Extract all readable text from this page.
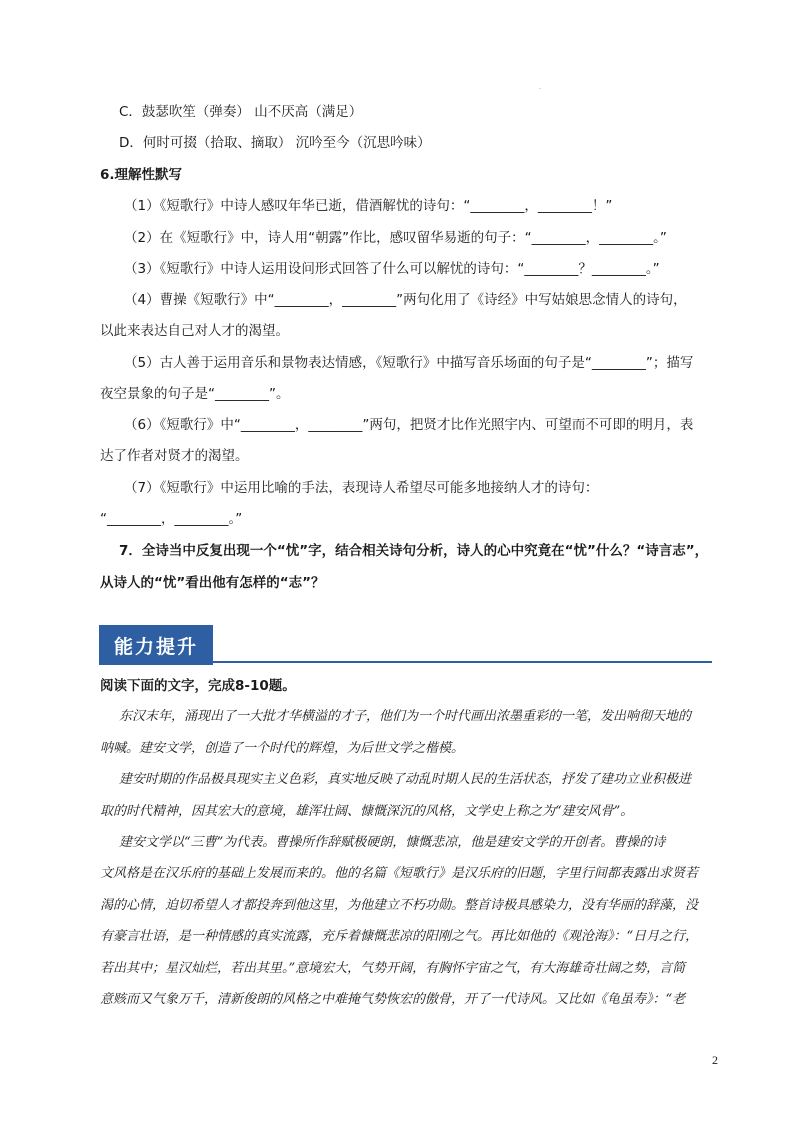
·
C．鼓瑟吹笙（弹奏） 山不厌高（满足）
D．何时可掇（拾取、摘取） 沉吟至今（沉思吟味）
6.理解性默写
（1）《短歌行》中诗人感叹年华已逝，借酒解忧的诗句：“________，________！”
（2）在《短歌行》中，诗人用“朝露”作比，感叹留华易逝的句子：“________，________。”
（3）《短歌行》中诗人运用设问形式回答了什么可以解忧的诗句：“________？________。”
（4）曹操《短歌行》中“________，________”两句化用了《诗经》中写姑娘思念情人的诗句，
以此来表达自己对人才的渴望。
（5）古人善于运用音乐和景物表达情感，《短歌行》中描写音乐场面的句子是“________”；描写
夜空景象的句子是“________”。
（6）《短歌行》中“________，________”两句，把贤才比作光照宇内、可望而不可即的明月，表
达了作者对贤才的渴望。
（7）《短歌行》中运用比喻的手法，表现诗人希望尽可能多地接纳人才的诗句：
“________，________。”
7．全诗当中反复出现一个“忧”字，结合相关诗句分析，诗人的心中究竟在“忧”什么？“诗言志”，
从诗人的“忧”看出他有怎样的“志”？
能力提升
阅读下面的文字，完成8-10题。
东汉末年，涌现出了一大批才华横溢的才子，他们为一个时代画出浓墨重彩的一笔，发出响彻天地的
呐喊。建安文学，创造了一个时代的辉煌，为后世文学之楷模。
建安时期的作品极具现实主义色彩，真实地反映了动乱时期人民的生活状态，抒发了建功立业积极进
取的时代精神，因其宏大的意境，雄浑壮阔、慷慨深沉的风格，文学史上称之为“建安风骨”。
建安文学以“三曹”为代表。曹操所作辞赋极硬朗，慷慨悲凉，他是建安文学的开创者。曹操的诗
文风格是在汉乐府的基础上发展而来的。他的名篇《短歌行》是汉乐府的旧题，字里行间都表露出求贤若
渴的心情，迫切希望人才都投奔到他这里，为他建立不朽功勋。整首诗极具感染力，没有华丽的辞藻，没
有豪言壮语，是一种情感的真实流露，充斥着慷慨悲凉的阳刚之气。再比如他的《观沧海》：“日月之行，
若出其中；星汉灿烂，若出其里。”意境宏大，气势开阔，有胸怀宇宙之气，有大海雄奇壮阔之势，言简
意赅而又气象万千，清新俊朗的风格之中难掩气势恢宏的傲骨，开了一代诗风。又比如《龟虽寿》：“老
2
